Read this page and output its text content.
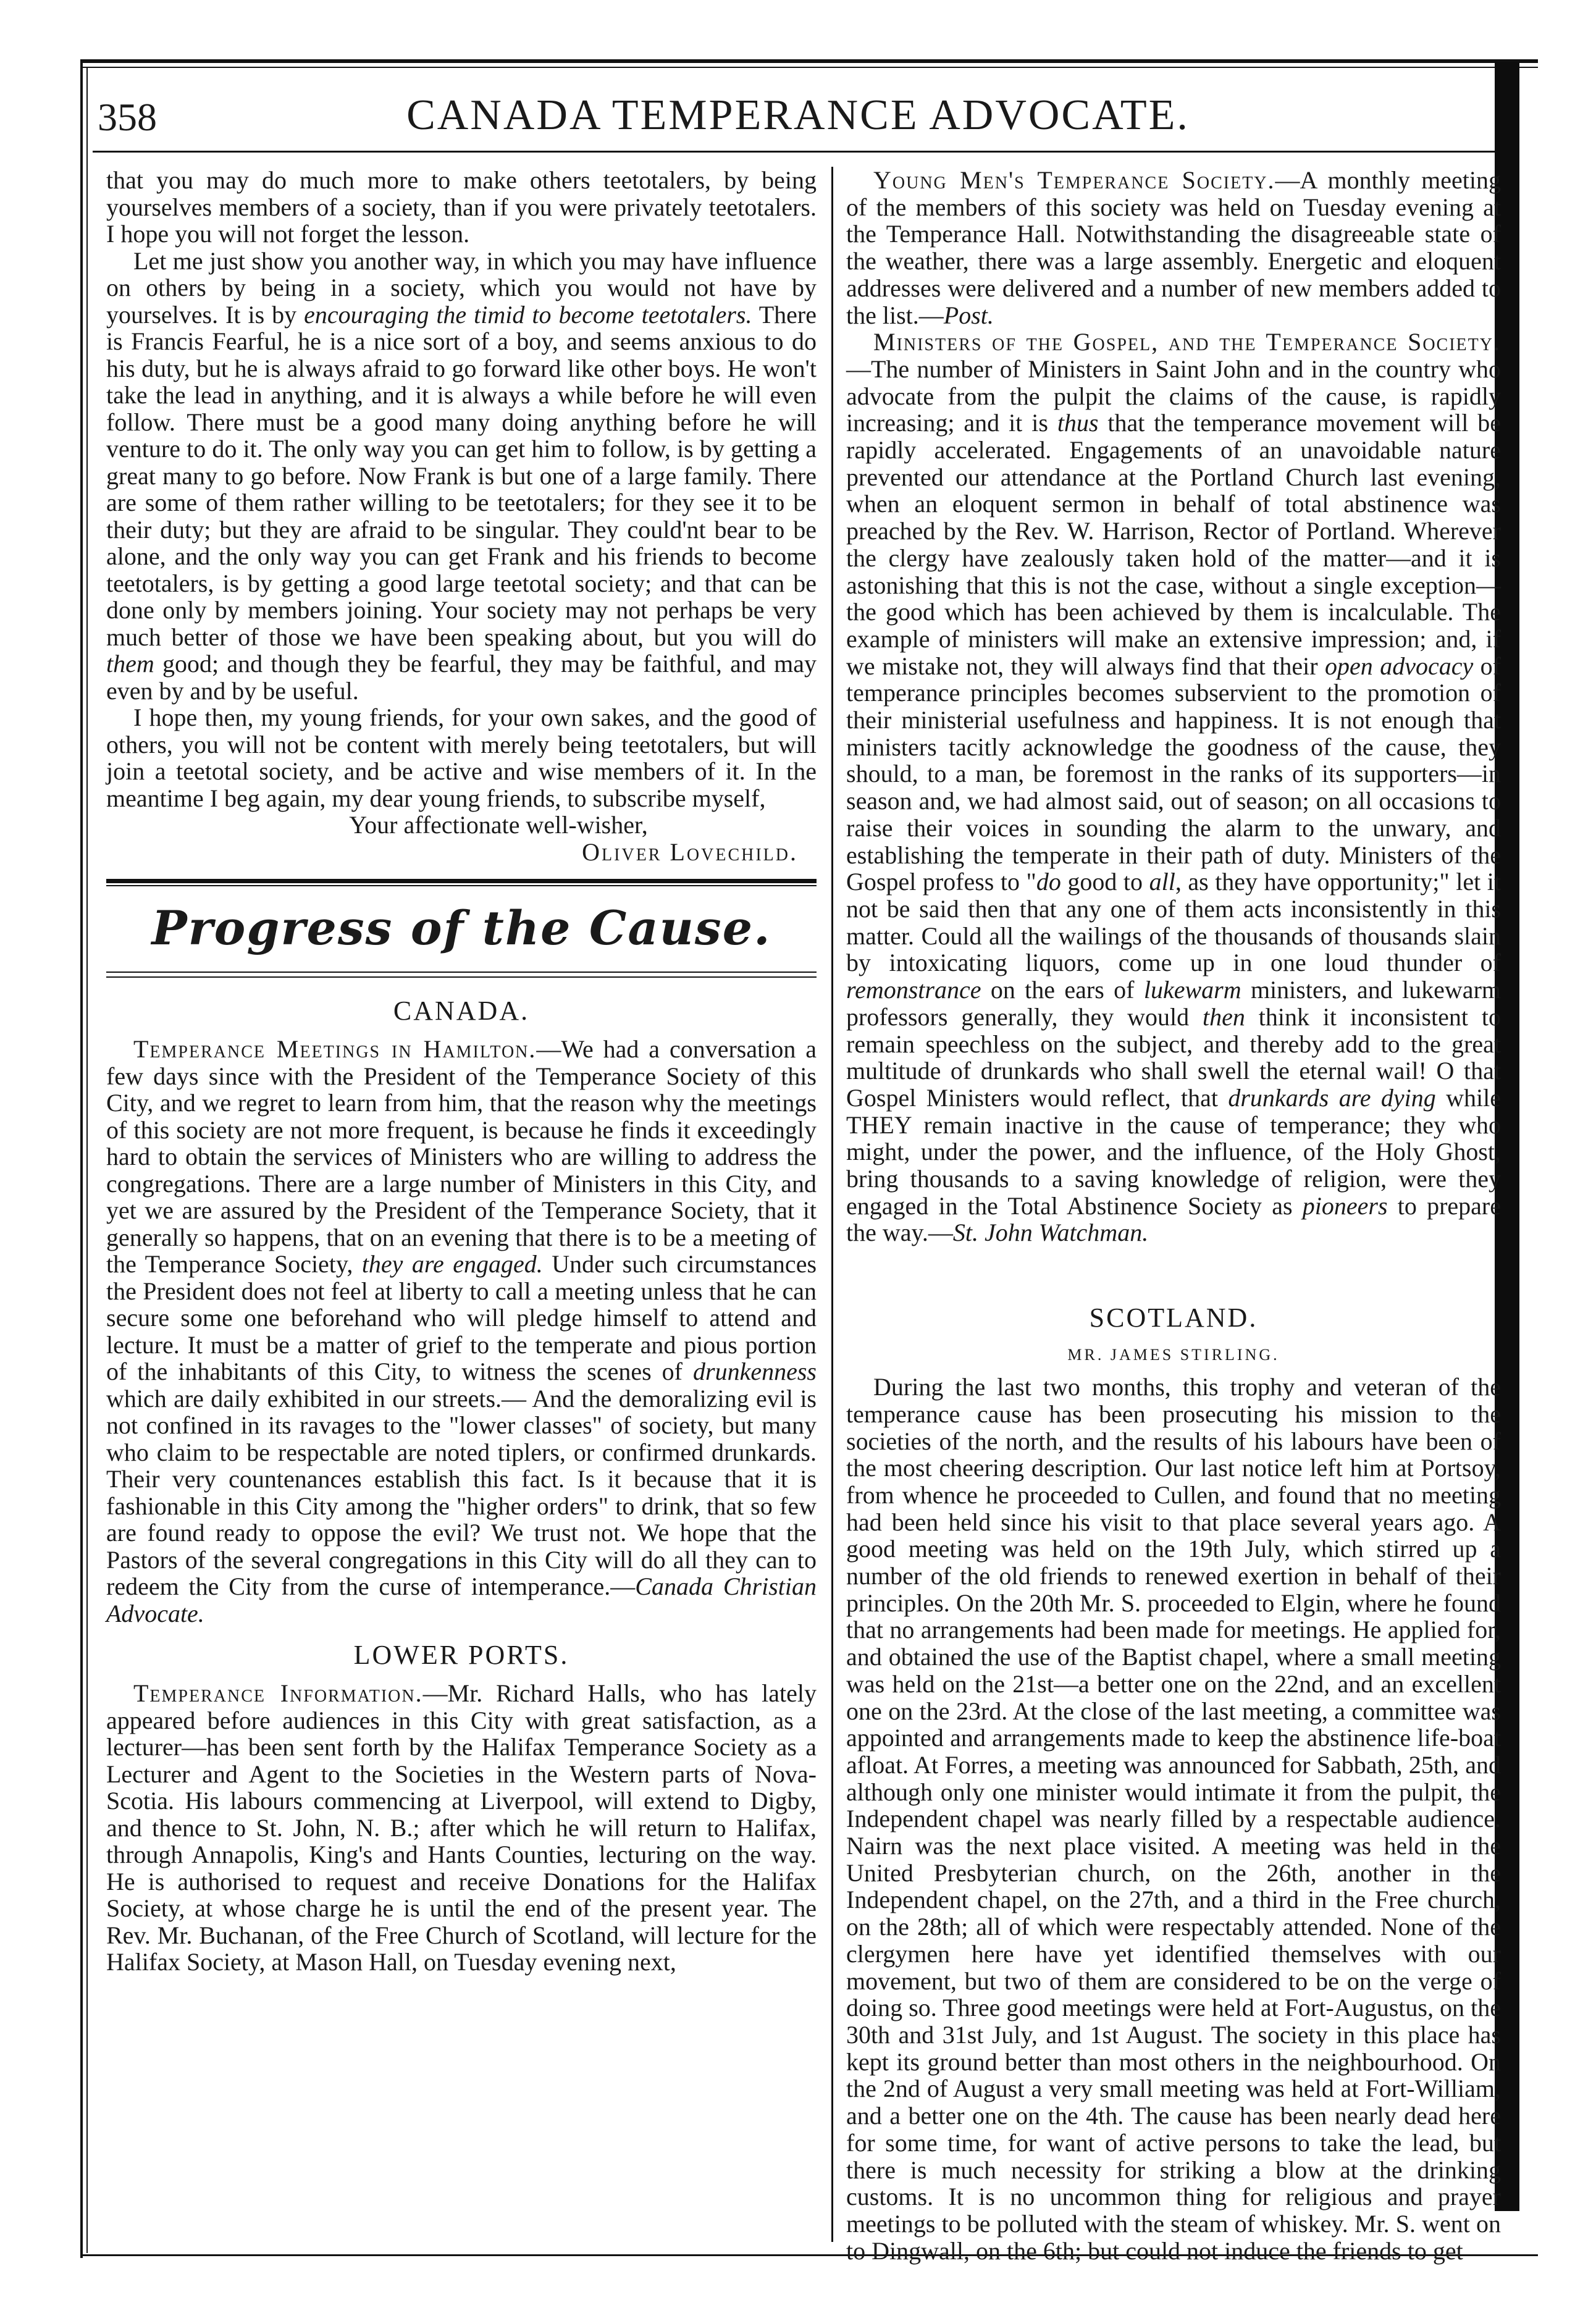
358	CANADA TEMPERANCE ADVOCATE.

that you may do much more to make others teetotalers, by being yourselves members of a society, than if you were privately teetotalers. I hope you will not forget the lesson.

Let me just show you another way, in which you may have influence on others by being in a society, which you would not have by yourselves. It is by encouraging the timid to become teetotalers. There is Francis Fearful, he is a nice sort of a boy, and seems anxious to do his duty, but he is always afraid to go forward like other boys. He won't take the lead in anything, and it is always a while before he will even follow. There must be a good many doing anything before he will venture to do it. The only way you can get him to follow, is by getting a great many to go before. Now Frank is but one of a large family. There are some of them rather willing to be teetotalers; for they see it to be their duty; but they are afraid to be singular. They could'nt bear to be alone, and the only way you can get Frank and his friends to become teetotalers, is by getting a good large teetotal society; and that can be done only by members joining. Your society may not perhaps be very much better of those we have been speaking about, but you will do them good; and though they be fearful, they may be faithful, and may even by and by be useful.

I hope then, my young friends, for your own sakes, and the good of others, you will not be content with merely being teetotalers, but will join a teetotal society, and be active and wise members of it. In the meantime I beg again, my dear young friends, to subscribe myself,

Your affectionate well-wisher,

Oliver Lovechild.

Progress of the Cause.
CANADA.

Temperance Meetings in Hamilton.—We had a conversation a few days since with the President of the Temperance Society of this City, and we regret to learn from him, that the reason why the meetings of this society are not more frequent, is because he finds it exceedingly hard to obtain the services of Ministers who are willing to address the congregations. There are a large number of Ministers in this City, and yet we are assured by the President of the Temperance Society, that it generally so happens, that on an evening that there is to be a meeting of the Temperance Society, they are engaged. Under such circumstances the President does not feel at liberty to call a meeting unless that he can secure some one beforehand who will pledge himself to attend and lecture. It must be a matter of grief to the temperate and pious portion of the inhabitants of this City, to witness the scenes of drunkenness which are daily exhibited in our streets.— And the demoralizing evil is not confined in its ravages to the "lower classes" of society, but many who claim to be respectable are noted tiplers, or confirmed drunkards. Their very countenances establish this fact. Is it because that it is fashionable in this City among the "higher orders" to drink, that so few are found ready to oppose the evil? We trust not. We hope that the Pastors of the several congregations in this City will do all they can to redeem the City from the curse of intemperance.—Canada Christian Advocate.

LOWER PORTS.

Temperance Information.—Mr. Richard Halls, who has lately appeared before audiences in this City with great satisfaction, as a lecturer—has been sent forth by the Halifax Temperance Society as a Lecturer and Agent to the Societies in the Western parts of Nova-Scotia. His labours commencing at Liverpool, will extend to Digby, and thence to St. John, N. B.; after which he will return to Halifax, through Annapolis, King's and Hants Counties, lecturing on the way. He is authorised to request and receive Donations for the Halifax Society, at whose charge he is until the end of the present year. The Rev. Mr. Buchanan, of the Free Church of Scotland, will lecture for the Halifax Society, at Mason Hall, on Tuesday evening next,

Young Men's Temperance Society.—A monthly meeting of the members of this society was held on Tuesday evening at the Temperance Hall. Notwithstanding the disagreeable state of the weather, there was a large assembly. Energetic and eloquent addresses were delivered and a number of new members added to the list.—Post.

Ministers of the Gospel, and the Temperance Society.—The number of Ministers in Saint John and in the country who advocate from the pulpit the claims of the cause, is rapidly increasing; and it is thus that the temperance movement will be rapidly accelerated. Engagements of an unavoidable nature prevented our attendance at the Portland Church last evening, when an eloquent sermon in behalf of total abstinence was preached by the Rev. W. Harrison, Rector of Portland. Wherever the clergy have zealously taken hold of the matter—and it is astonishing that this is not the case, without a single exception—the good which has been achieved by them is incalculable. The example of ministers will make an extensive impression; and, if we mistake not, they will always find that their open advocacy of temperance principles becomes subservient to the promotion of their ministerial usefulness and happiness. It is not enough that ministers tacitly acknowledge the goodness of the cause, they should, to a man, be foremost in the ranks of its supporters—in season and, we had almost said, out of season; on all occasions to raise their voices in sounding the alarm to the unwary, and establishing the temperate in their path of duty. Ministers of the Gospel profess to "do good to all, as they have opportunity;" let it not be said then that any one of them acts inconsistently in this matter. Could all the wailings of the thousands of thousands slain by intoxicating liquors, come up in one loud thunder of remonstrance on the ears of lukewarm ministers, and lukewarm professors generally, they would then think it inconsistent to remain speechless on the subject, and thereby add to the great multitude of drunkards who shall swell the eternal wail! O that Gospel Ministers would reflect, that drunkards are dying while THEY remain inactive in the cause of temperance; they who might, under the power, and the influence, of the Holy Ghost, bring thousands to a saving knowledge of religion, were they engaged in the Total Abstinence Society as pioneers to prepare the way.—St. John Watchman.

SCOTLAND.
MR. JAMES STIRLING.

During the last two months, this trophy and veteran of the temperance cause has been prosecuting his mission to the societies of the north, and the results of his labours have been of the most cheering description. Our last notice left him at Portsoy, from whence he proceeded to Cullen, and found that no meeting had been held since his visit to that place several years ago. A good meeting was held on the 19th July, which stirred up a number of the old friends to renewed exertion in behalf of their principles. On the 20th Mr. S. proceeded to Elgin, where he found that no arrangements had been made for meetings. He applied for, and obtained the use of the Baptist chapel, where a small meeting was held on the 21st—a better one on the 22nd, and an excellent one on the 23rd. At the close of the last meeting, a committee was appointed and arrangements made to keep the abstinence life-boat afloat. At Forres, a meeting was announced for Sabbath, 25th, and although only one minister would intimate it from the pulpit, the Independent chapel was nearly filled by a respectable audience. Nairn was the next place visited. A meeting was held in the United Presbyterian church, on the 26th, another in the Independent chapel, on the 27th, and a third in the Free church, on the 28th; all of which were respectably attended. None of the clergymen here have yet identified themselves with our movement, but two of them are considered to be on the verge of doing so. Three good meetings were held at Fort-Augustus, on the 30th and 31st July, and 1st August. The society in this place has kept its ground better than most others in the neighbourhood. On the 2nd of August a very small meeting was held at Fort-William, and a better one on the 4th. The cause has been nearly dead here for some time, for want of active persons to take the lead, but there is much necessity for striking a blow at the drinking customs. It is no uncommon thing for religious and prayer meetings to be polluted with the steam of whiskey. Mr. S. went on to Dingwall, on the 6th; but could not induce the friends to get
